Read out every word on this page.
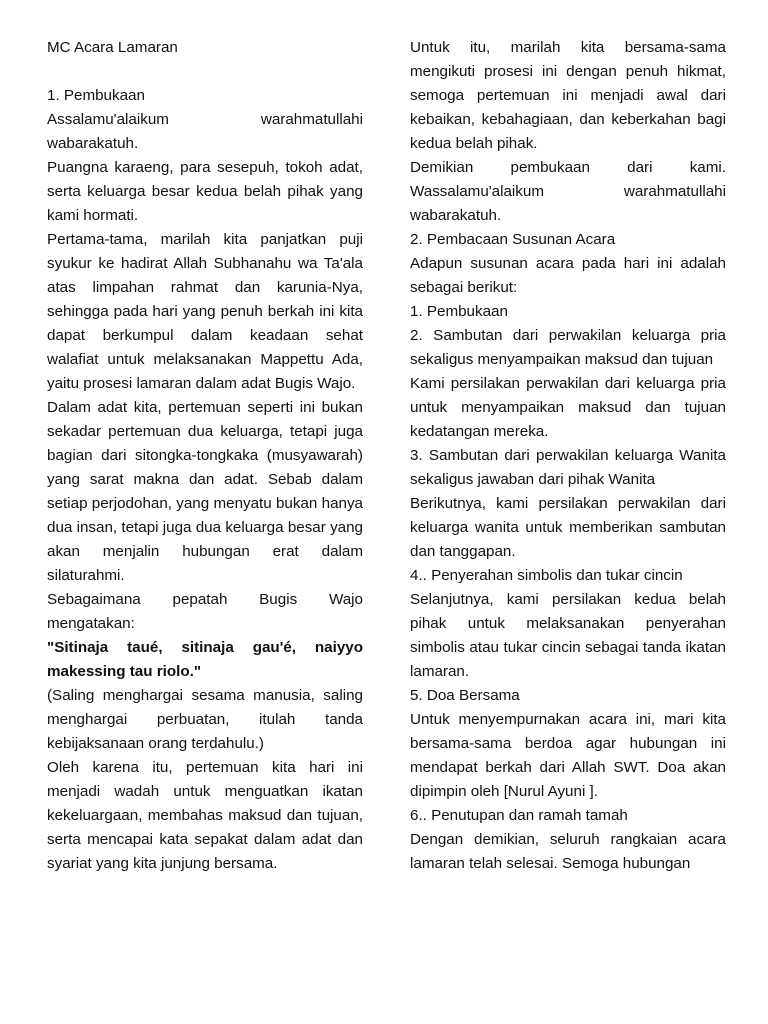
MC Acara Lamaran

1. Pembukaan

Assalamu'alaikum warahmatullahi wabarakatuh.

Puangna karaeng, para sesepuh, tokoh adat, serta keluarga besar kedua belah pihak yang kami hormati.

Pertama-tama, marilah kita panjatkan puji syukur ke hadirat Allah Subhanahu wa Ta'ala atas limpahan rahmat dan karunia-Nya, sehingga pada hari yang penuh berkah ini kita dapat berkumpul dalam keadaan sehat walafiat untuk melaksanakan Mappettu Ada, yaitu prosesi lamaran dalam adat Bugis Wajo.

Dalam adat kita, pertemuan seperti ini bukan sekadar pertemuan dua keluarga, tetapi juga bagian dari sitongka-tongkaka (musyawarah) yang sarat makna dan adat. Sebab dalam setiap perjodohan, yang menyatu bukan hanya dua insan, tetapi juga dua keluarga besar yang akan menjalin hubungan erat dalam silaturahmi.

Sebagaimana pepatah Bugis Wajo mengatakan:

"Sitinaja taué, sitinaja gau'é, naiyyo makessing tau riolo."

(Saling menghargai sesama manusia, saling menghargai perbuatan, itulah tanda kebijaksanaan orang terdahulu.)

Oleh karena itu, pertemuan kita hari ini menjadi wadah untuk menguatkan ikatan kekeluargaan, membahas maksud dan tujuan, serta mencapai kata sepakat dalam adat dan syariat yang kita junjung bersama.

Untuk itu, marilah kita bersama-sama mengikuti prosesi ini dengan penuh hikmat, semoga pertemuan ini menjadi awal dari kebaikan, kebahagiaan, dan keberkahan bagi kedua belah pihak.

Demikian pembukaan dari kami. Wassalamu'alaikum warahmatullahi wabarakatuh.

2. Pembacaan Susunan Acara

Adapun susunan acara pada hari ini adalah sebagai berikut:

1. Pembukaan

2. Sambutan dari perwakilan keluarga pria sekaligus menyampaikan maksud dan tujuan

Kami persilakan perwakilan dari keluarga pria untuk menyampaikan maksud dan tujuan kedatangan mereka.

3. Sambutan dari perwakilan keluarga Wanita sekaligus jawaban dari pihak Wanita

Berikutnya, kami persilakan perwakilan dari keluarga wanita untuk memberikan sambutan dan tanggapan.

4.. Penyerahan simbolis dan tukar cincin

Selanjutnya, kami persilakan kedua belah pihak untuk melaksanakan penyerahan simbolis atau tukar cincin sebagai tanda ikatan lamaran.

5. Doa Bersama

Untuk menyempurnakan acara ini, mari kita bersama-sama berdoa agar hubungan ini mendapat berkah dari Allah SWT. Doa akan dipimpin oleh [Nurul Ayuni ].

6.. Penutupan dan ramah tamah

Dengan demikian, seluruh rangkaian acara lamaran telah selesai. Semoga hubungan
